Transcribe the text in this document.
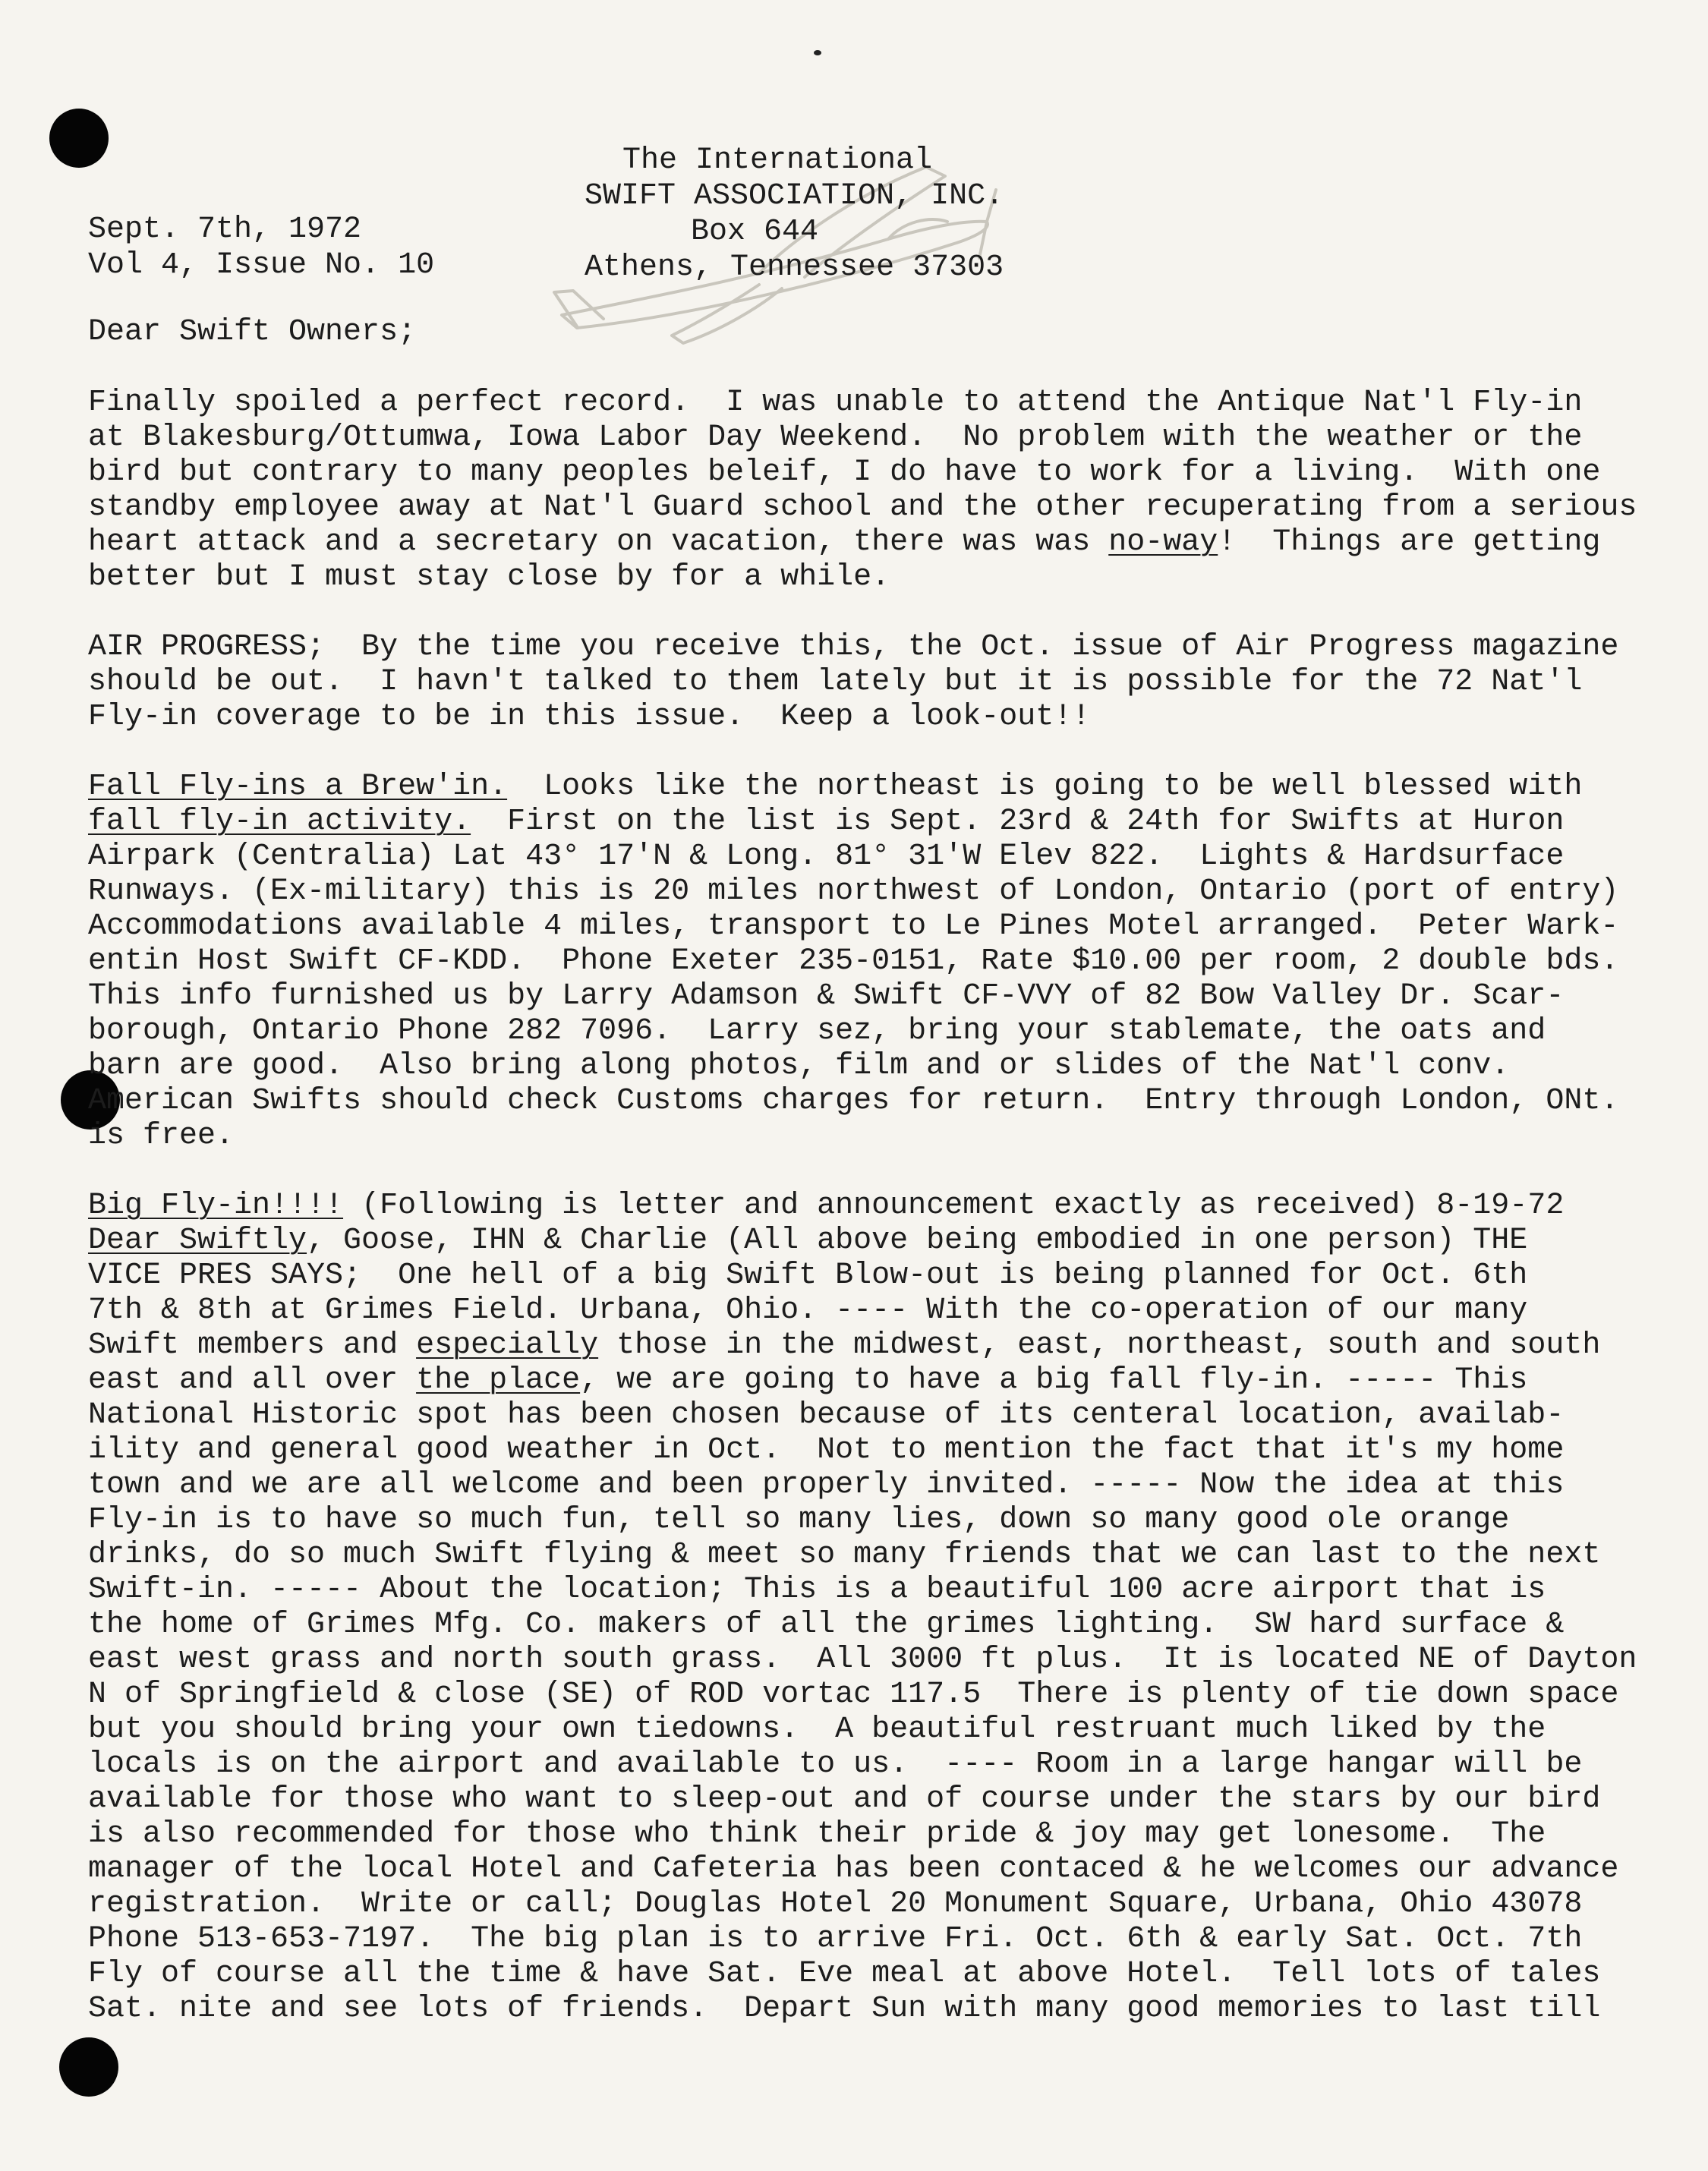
The International
SWIFT ASSOCIATION, INC.
Box 644
Athens, Tennessee 37303
Sept. 7th, 1972
Vol 4, Issue No. 10
Dear Swift Owners;
Finally spoiled a perfect record.  I was unable to attend the Antique Nat'l Fly-in
at Blakesburg/Ottumwa, Iowa Labor Day Weekend.  No problem with the weather or the
bird but contrary to many peoples beleif, I do have to work for a living.  With one
standby employee away at Nat'l Guard school and the other recuperating from a serious
heart attack and a secretary on vacation, there was was no-way!  Things are getting
better but I must stay close by for a while.
AIR PROGRESS;  By the time you receive this, the Oct. issue of Air Progress magazine
should be out.  I havn't talked to them lately but it is possible for the 72 Nat'l
Fly-in coverage to be in this issue.  Keep a look-out!!
Fall Fly-ins a Brew'in.  Looks like the northeast is going to be well blessed with
fall fly-in activity.  First on the list is Sept. 23rd & 24th for Swifts at Huron
Airpark (Centralia) Lat 43° 17'N & Long. 81° 31'W Elev 822.  Lights & Hardsurface
Runways. (Ex-military) this is 20 miles northwest of London, Ontario (port of entry)
Accommodations available 4 miles, transport to Le Pines Motel arranged.  Peter Wark-
entin Host Swift CF-KDD.  Phone Exeter 235-0151, Rate $10.00 per room, 2 double bds.
This info furnished us by Larry Adamson & Swift CF-VVY of 82 Bow Valley Dr. Scar-
borough, Ontario Phone 282 7096.  Larry sez, bring your stablemate, the oats and
barn are good.  Also bring along photos, film and or slides of the Nat'l conv.
American Swifts should check Customs charges for return.  Entry through London, ONt.
is free.
Big Fly-in!!!! (Following is letter and announcement exactly as received) 8-19-72
Dear Swiftly, Goose, IHN & Charlie (All above being embodied in one person) THE
VICE PRES SAYS;  One hell of a big Swift Blow-out is being planned for Oct. 6th
7th & 8th at Grimes Field. Urbana, Ohio. ---- With the co-operation of our many
Swift members and especially those in the midwest, east, northeast, south and south
east and all over the place, we are going to have a big fall fly-in. ----- This
National Historic spot has been chosen because of its centeral location, availab-
ility and general good weather in Oct.  Not to mention the fact that it's my home
town and we are all welcome and been properly invited. ----- Now the idea at this
Fly-in is to have so much fun, tell so many lies, down so many good ole orange
drinks, do so much Swift flying & meet so many friends that we can last to the next
Swift-in. ----- About the location; This is a beautiful 100 acre airport that is
the home of Grimes Mfg. Co. makers of all the grimes lighting.  SW hard surface &
east west grass and north south grass.  All 3000 ft plus.  It is located NE of Dayton
N of Springfield & close (SE) of ROD vortac 117.5  There is plenty of tie down space
but you should bring your own tiedowns.  A beautiful restruant much liked by the
locals is on the airport and available to us.  ---- Room in a large hangar will be
available for those who want to sleep-out and of course under the stars by our bird
is also recommended for those who think their pride & joy may get lonesome.  The
manager of the local Hotel and Cafeteria has been contaced & he welcomes our advance
registration.  Write or call; Douglas Hotel 20 Monument Square, Urbana, Ohio 43078
Phone 513-653-7197.  The big plan is to arrive Fri. Oct. 6th & early Sat. Oct. 7th
Fly of course all the time & have Sat. Eve meal at above Hotel.  Tell lots of tales
Sat. nite and see lots of friends.  Depart Sun with many good memories to last till
